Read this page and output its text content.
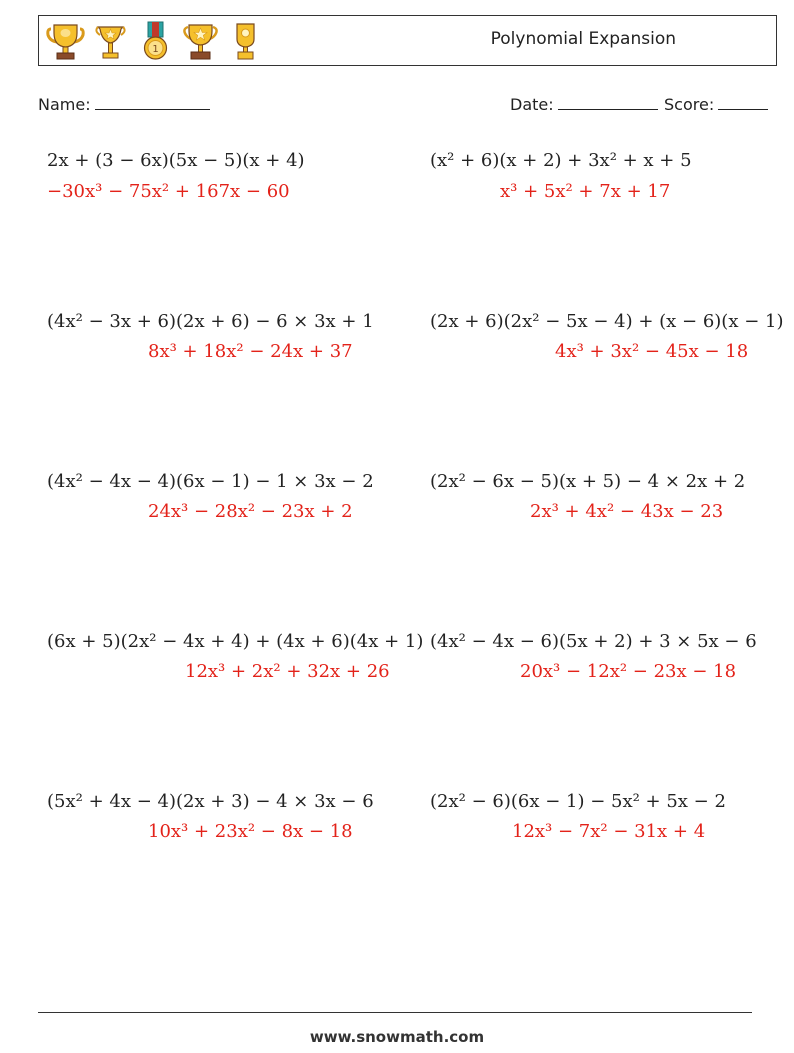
1
Polynomial Expansion
Name:	Date:	Score:
2x + (3 − 6x)(5x − 5)(x + 4)
−30x³ − 75x² + 167x − 60
(x² + 6)(x + 2) + 3x² + x + 5
x³ + 5x² + 7x + 17
(4x² − 3x + 6)(2x + 6) − 6 × 3x + 1
8x³ + 18x² − 24x + 37
(2x + 6)(2x² − 5x − 4) + (x − 6)(x − 1)
4x³ + 3x² − 45x − 18
(4x² − 4x − 4)(6x − 1) − 1 × 3x − 2
24x³ − 28x² − 23x + 2
(2x² − 6x − 5)(x + 5) − 4 × 2x + 2
2x³ + 4x² − 43x − 23
(6x + 5)(2x² − 4x + 4) + (4x + 6)(4x + 1)
12x³ + 2x² + 32x + 26
(4x² − 4x − 6)(5x + 2) + 3 × 5x − 6
20x³ − 12x² − 23x − 18
(5x² + 4x − 4)(2x + 3) − 4 × 3x − 6
10x³ + 23x² − 8x − 18
(2x² − 6)(6x − 1) − 5x² + 5x − 2
12x³ − 7x² − 31x + 4
www.snowmath.com
